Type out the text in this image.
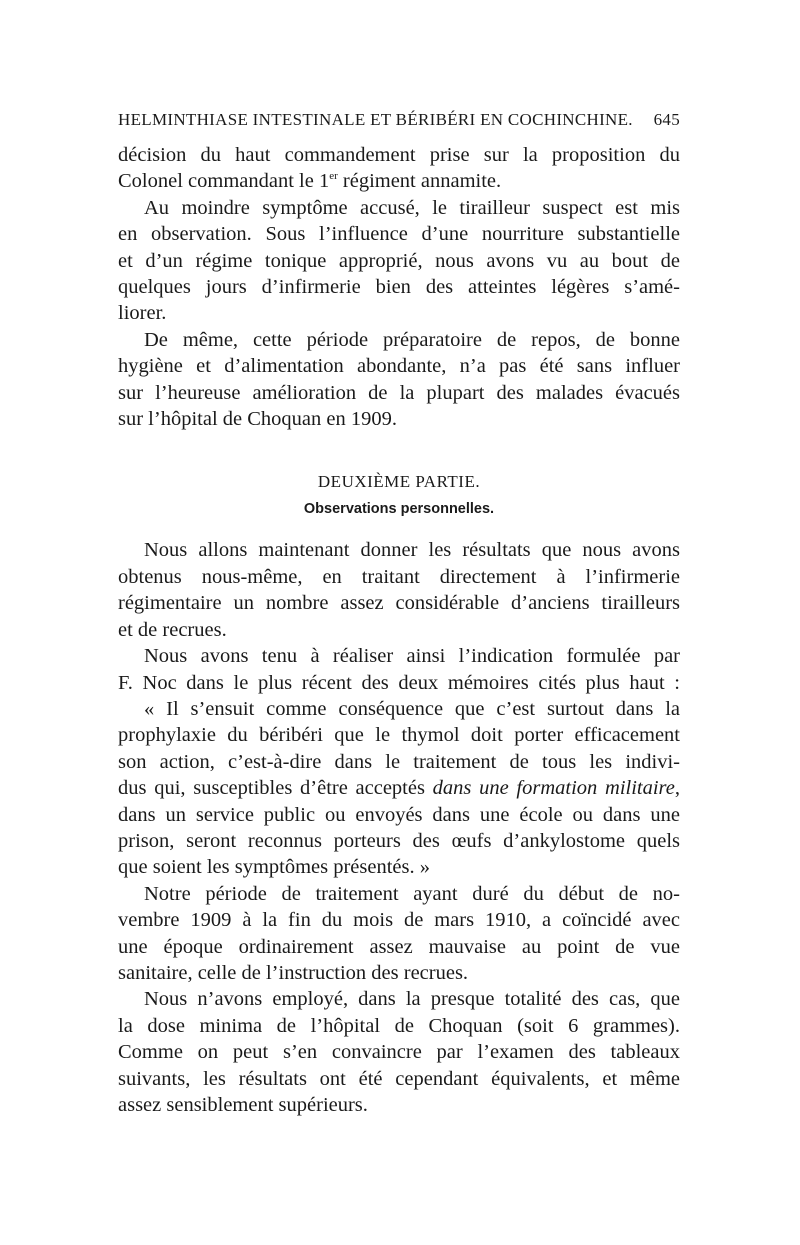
HELMINTHIASE INTESTINALE ET BÉRIBÉRI EN COCHINCHINE. 645

décision du haut commandement prise sur la proposition du

Colonel commandant le 1er régiment annamite.

Au moindre symptôme accusé, le tirailleur suspect est mis

en observation. Sous l’influence d’une nourriture substantielle

et d’un régime tonique approprié, nous avons vu au bout de

quelques jours d’infirmerie bien des atteintes légères s’amé-

liorer.

De même, cette période préparatoire de repos, de bonne

hygiène et d’alimentation abondante, n’a pas été sans influer

sur l’heureuse amélioration de la plupart des malades évacués

sur l’hôpital de Choquan en 1909.

DEUXIÈME PARTIE.
Observations personnelles.

Nous allons maintenant donner les résultats que nous avons

obtenus nous-même, en traitant directement à l’infirmerie

régimentaire un nombre assez considérable d’anciens tirailleurs

et de recrues.

Nous avons tenu à réaliser ainsi l’indication formulée par

F. Noc dans le plus récent des deux mémoires cités plus haut :

« Il s’ensuit comme conséquence que c’est surtout dans la

prophylaxie du béribéri que le thymol doit porter efficacement

son action, c’est-à-dire dans le traitement de tous les indivi-

dus qui, susceptibles d’être acceptés dans une formation militaire,

dans un service public ou envoyés dans une école ou dans une

prison, seront reconnus porteurs des œufs d’ankylostome quels

que soient les symptômes présentés. »

Notre période de traitement ayant duré du début de no-

vembre 1909 à la fin du mois de mars 1910, a coïncidé avec

une époque ordinairement assez mauvaise au point de vue

sanitaire, celle de l’instruction des recrues.

Nous n’avons employé, dans la presque totalité des cas, que

la dose minima de l’hôpital de Choquan (soit 6 grammes).

Comme on peut s’en convaincre par l’examen des tableaux

suivants, les résultats ont été cependant équivalents, et même

assez sensiblement supérieurs.
